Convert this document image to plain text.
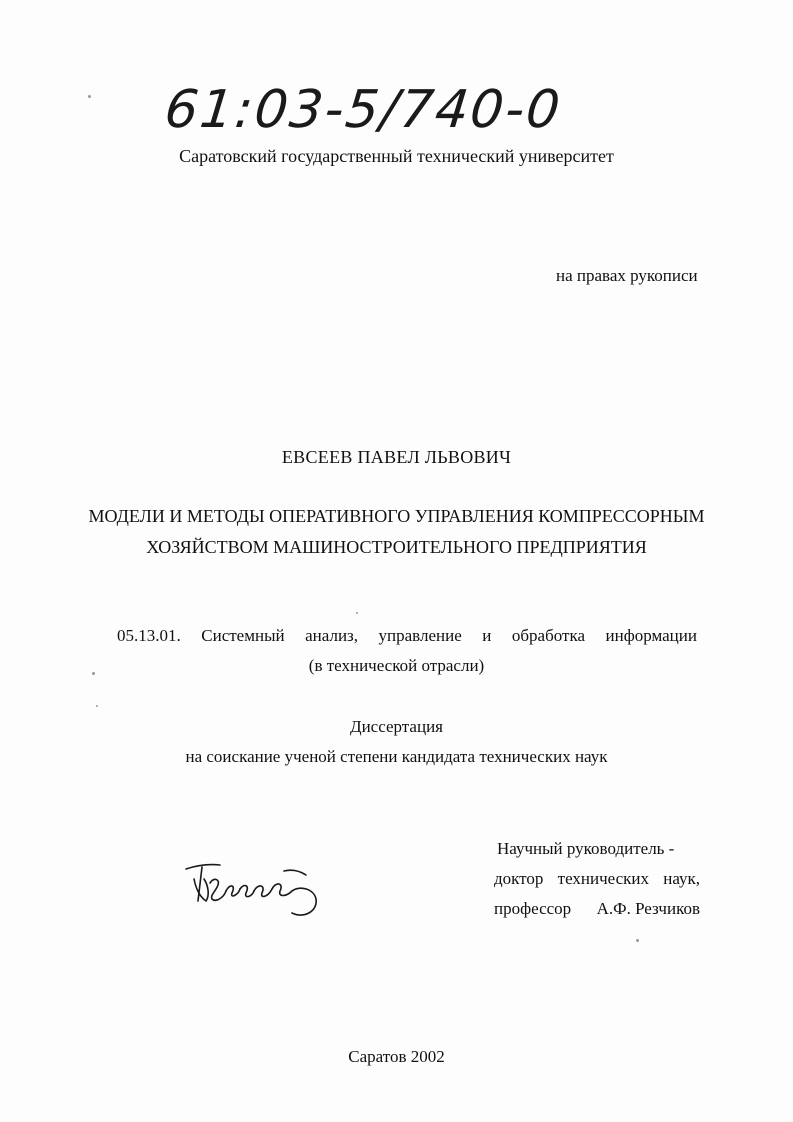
61:03-5/740-0
Саратовский государственный технический университет
на правах рукописи
ЕВСЕЕВ ПАВЕЛ ЛЬВОВИЧ
МОДЕЛИ И МЕТОДЫ ОПЕРАТИВНОГО УПРАВЛЕНИЯ КОМПРЕССОРНЫМ
ХОЗЯЙСТВОМ МАШИНОСТРОИТЕЛЬНОГО ПРЕДПРИЯТИЯ
05.13.01. Системный анализ, управление и обработка информации
(в технической отрасли)
Диссертация
на соискание ученой степени кандидата технических наук
Научный руководитель -
доктор технических наук,
профессор А.Ф. Резчиков
Саратов 2002
